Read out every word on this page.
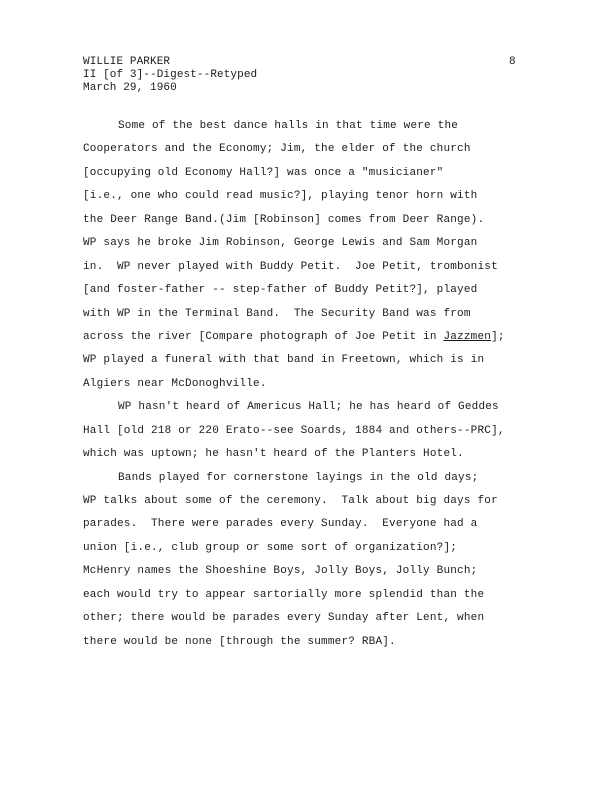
WILLIE PARKER
II [of 3]--Digest--Retyped
March 29, 1960
8
Some of the best dance halls in that time were the
Cooperators and the Economy; Jim, the elder of the church
[occupying old Economy Hall?] was once a "musicianer"
[i.e., one who could read music?], playing tenor horn with
the Deer Range Band.(Jim [Robinson] comes from Deer Range).
WP says he broke Jim Robinson, George Lewis and Sam Morgan
in.  WP never played with Buddy Petit.  Joe Petit, trombonist
[and foster-father -- step-father of Buddy Petit?], played
with WP in the Terminal Band.  The Security Band was from
across the river [Compare photograph of Joe Petit in Jazzmen];
WP played a funeral with that band in Freetown, which is in
Algiers near McDonoghville.
WP hasn't heard of Americus Hall; he has heard of Geddes
Hall [old 218 or 220 Erato--see Soards, 1884 and others--PRC],
which was uptown; he hasn't heard of the Planters Hotel.
Bands played for cornerstone layings in the old days;
WP talks about some of the ceremony.  Talk about big days for
parades.  There were parades every Sunday.  Everyone had a
union [i.e., club group or some sort of organization?];
McHenry names the Shoeshine Boys, Jolly Boys, Jolly Bunch;
each would try to appear sartorially more splendid than the
other; there would be parades every Sunday after Lent, when
there would be none [through the summer? RBA].
